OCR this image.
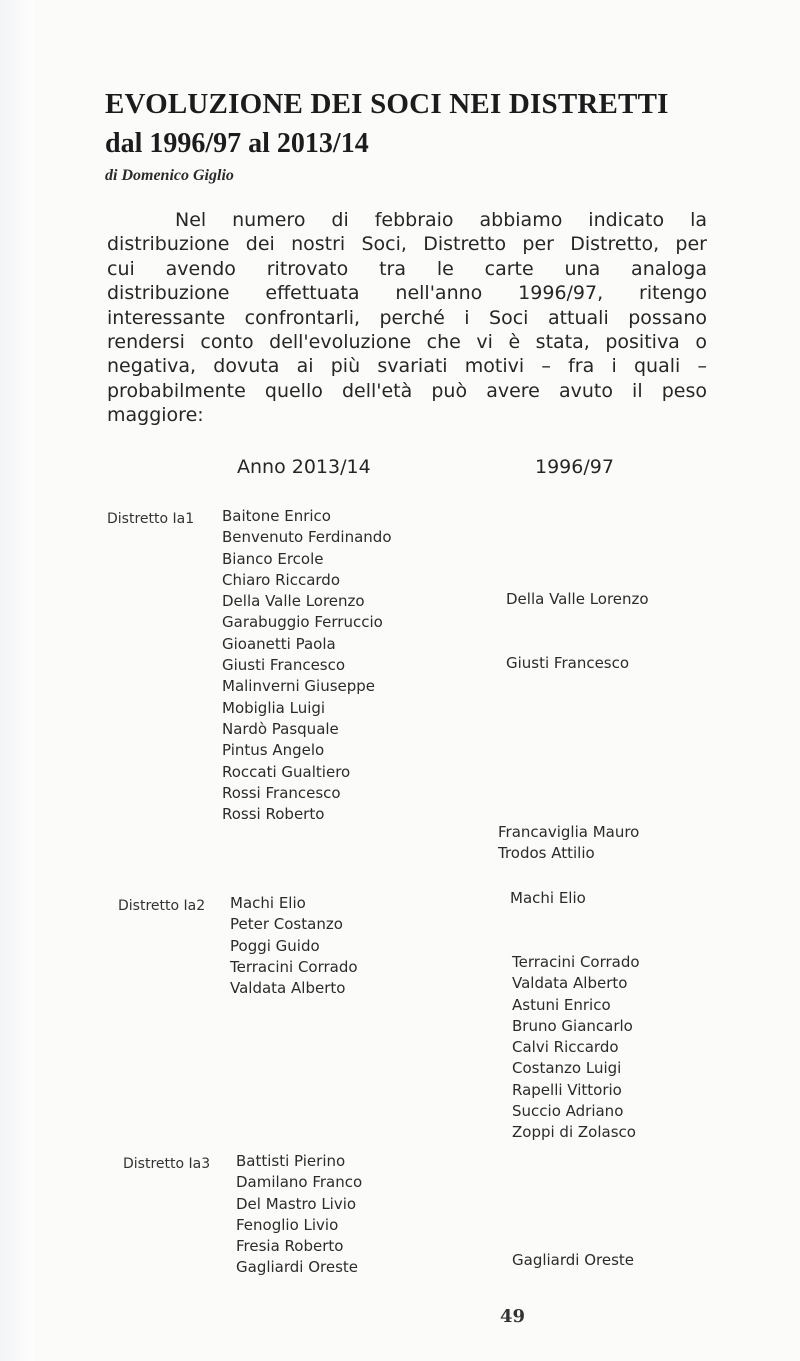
EVOLUZIONE DEI SOCI NEI DISTRETTI
dal 1996/97 al 2013/14
di Domenico Giglio
Nel numero di febbraio abbiamo indicato la
distribuzione dei nostri Soci, Distretto per Distretto, per
cui avendo ritrovato tra le carte una analoga
distribuzione effettuata nell'anno 1996/97, ritengo
interessante confrontarli, perché i Soci attuali possano
rendersi conto dell'evoluzione che vi è stata, positiva o
negativa, dovuta ai più svariati motivi – fra i quali –
probabilmente quello dell'età può avere avuto il peso
maggiore:
Anno 2013/14	1996/97
Distretto Ia1 Baitone Enrico
Benvenuto Ferdinando
Bianco Ercole
Chiaro Riccardo
Della Valle Lorenzo
Garabuggio Ferruccio
Gioanetti Paola
Giusti Francesco
Malinverni Giuseppe
Mobiglia Luigi
Nardò Pasquale
Pintus Angelo
Roccati Gualtiero
Rossi Francesco
Rossi Roberto
Della Valle Lorenzo
Giusti Francesco
Francaviglia Mauro
Trodos Attilio
Distretto Ia2 Machi Elio
Peter Costanzo
Poggi Guido
Terracini Corrado
Valdata Alberto
Machi Elio
Terracini Corrado
Valdata Alberto
Astuni Enrico
Bruno Giancarlo
Calvi Riccardo
Costanzo Luigi
Rapelli Vittorio
Succio Adriano
Zoppi di Zolasco
Distretto Ia3 Battisti Pierino
Damilano Franco
Del Mastro Livio
Fenoglio Livio
Fresia Roberto
Gagliardi Oreste	Gagliardi Oreste
49
